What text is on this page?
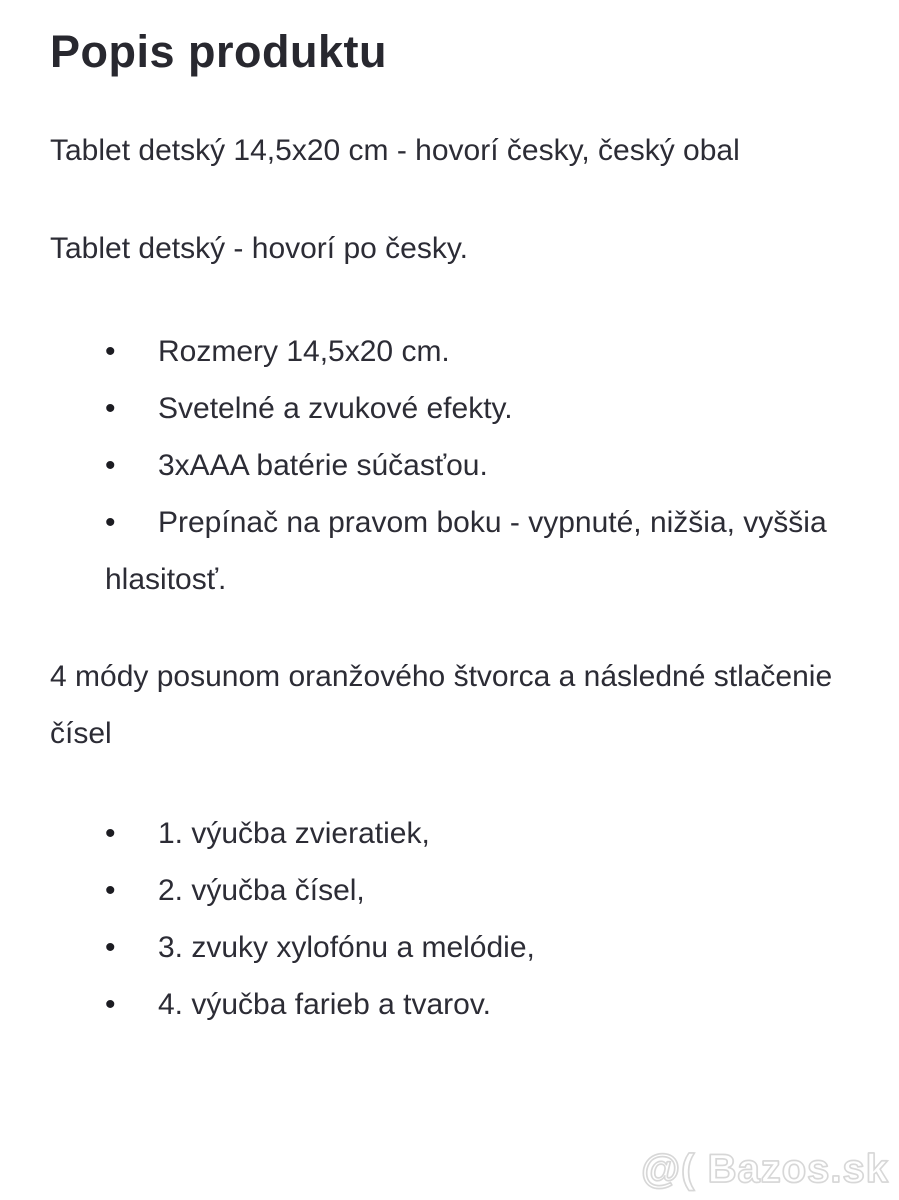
Popis produktu

Tablet detský 14,5x20 cm - hovorí česky, český obal

Tablet detský - hovorí po česky.

• Rozmery 14,5x20 cm.
• Svetelné a zvukové efekty.
• 3xAAA batérie súčasťou.
• Prepínač na pravom boku - vypnuté, nižšia, vyššia hlasitosť.

4 módy posunom oranžového štvorca a následné stlačenie čísel

• 1. výučba zvieratiek,
• 2. výučba čísel,
• 3. zvuky xylofónu a melódie,
• 4. výučba farieb a tvarov.
@( Bazos.sk
